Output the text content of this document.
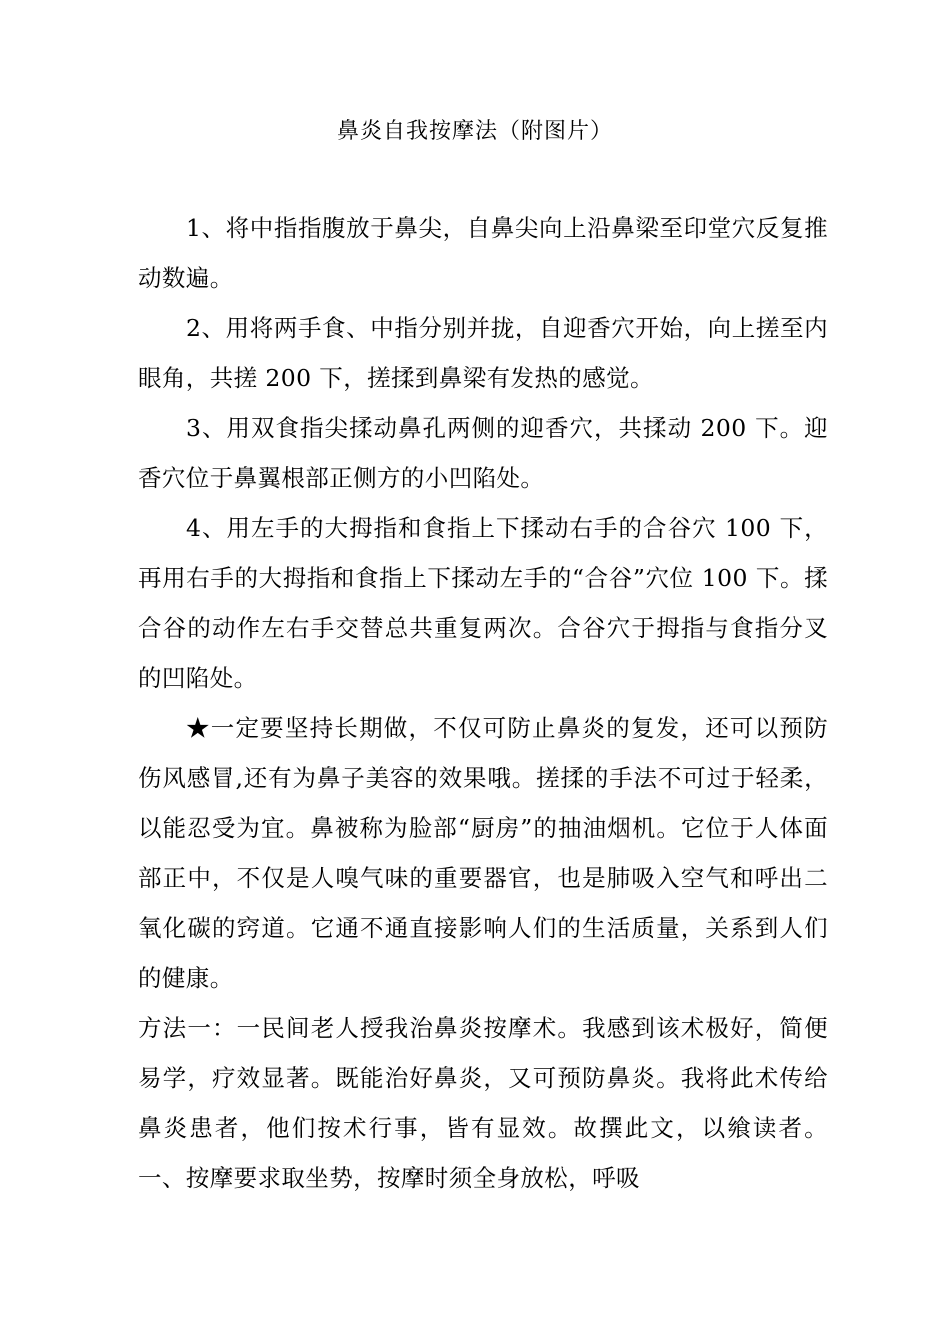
鼻炎自我按摩法（附图片）

1、将中指指腹放于鼻尖，自鼻尖向上沿鼻梁至印堂穴反复推动数遍。

2、用将两手食、中指分别并拢，自迎香穴开始，向上搓至内眼角，共搓 200 下，搓揉到鼻梁有发热的感觉。

3、用双食指尖揉动鼻孔两侧的迎香穴，共揉动 200 下。迎香穴位于鼻翼根部正侧方的小凹陷处。

4、用左手的大拇指和食指上下揉动右手的合谷穴 100 下，再用右手的大拇指和食指上下揉动左手的“合谷”穴位 100 下。揉合谷的动作左右手交替总共重复两次。合谷穴于拇指与食指分叉的凹陷处。

★一定要坚持长期做，不仅可防止鼻炎的复发，还可以预防伤风感冒,还有为鼻子美容的效果哦。搓揉的手法不可过于轻柔，以能忍受为宜。鼻被称为脸部“厨房”的抽油烟机。它位于人体面部正中，不仅是人嗅气味的重要器官，也是肺吸入空气和呼出二氧化碳的窍道。它通不通直接影响人们的生活质量，关系到人们的健康。

方法一：一民间老人授我治鼻炎按摩术。我感到该术极好，简便易学，疗效显著。既能治好鼻炎，又可预防鼻炎。我将此术传给鼻炎患者，他们按术行事，皆有显效。故撰此文，以飨读者。一、按摩要求取坐势，按摩时须全身放松，呼吸
